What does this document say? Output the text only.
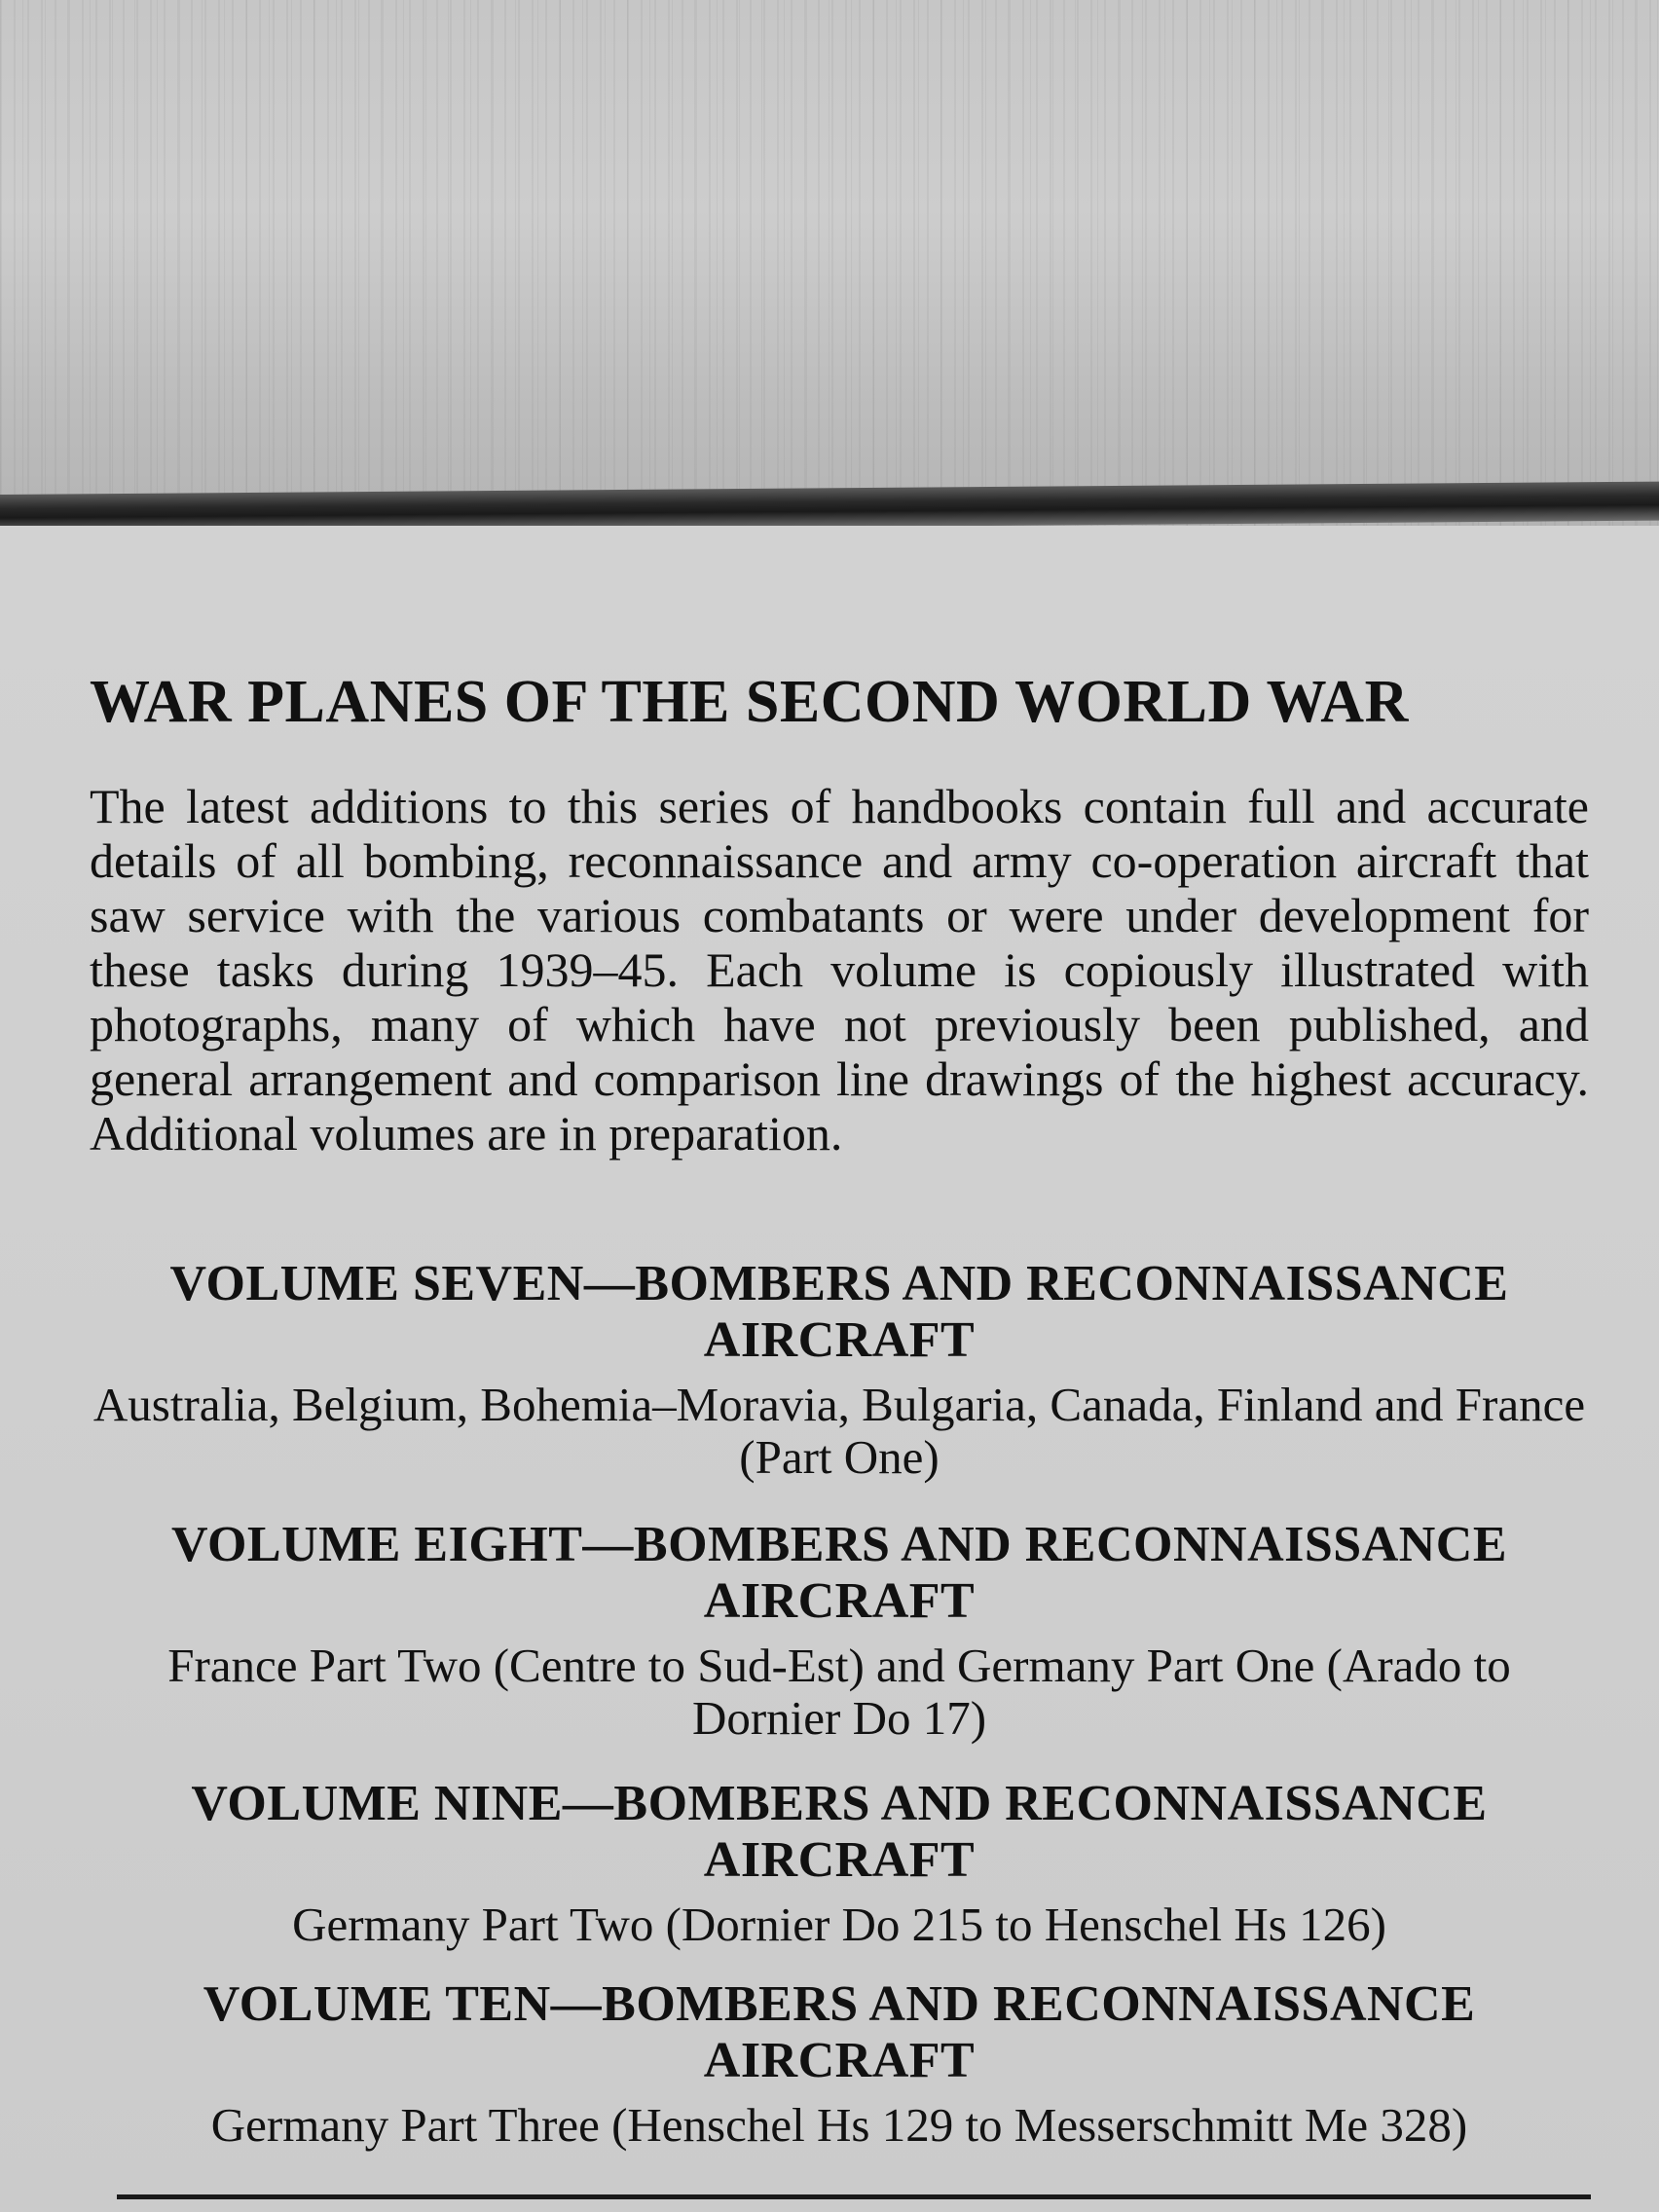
WAR PLANES OF THE SECOND WORLD WAR

The latest additions to this series of handbooks contain full and accurate details of all bombing, reconnaissance and army co-operation aircraft that saw service with the various combatants or were under development for these tasks during 1939–45. Each volume is copiously illustrated with photographs, many of which have not previously been published, and general arrangement and comparison line drawings of the highest accuracy. Additional volumes are in preparation.

VOLUME SEVEN—BOMBERS AND RECONNAISSANCE AIRCRAFT

Australia, Belgium, Bohemia–Moravia, Bulgaria, Canada, Finland and France (Part One)

VOLUME EIGHT—BOMBERS AND RECONNAISSANCE AIRCRAFT

France Part Two (Centre to Sud-Est) and Germany Part One (Arado to Dornier Do 17)

VOLUME NINE—BOMBERS AND RECONNAISSANCE AIRCRAFT

Germany Part Two (Dornier Do 215 to Henschel Hs 126)

VOLUME TEN—BOMBERS AND RECONNAISSANCE AIRCRAFT

Germany Part Three (Henschel Hs 129 to Messerschmitt Me 328)
